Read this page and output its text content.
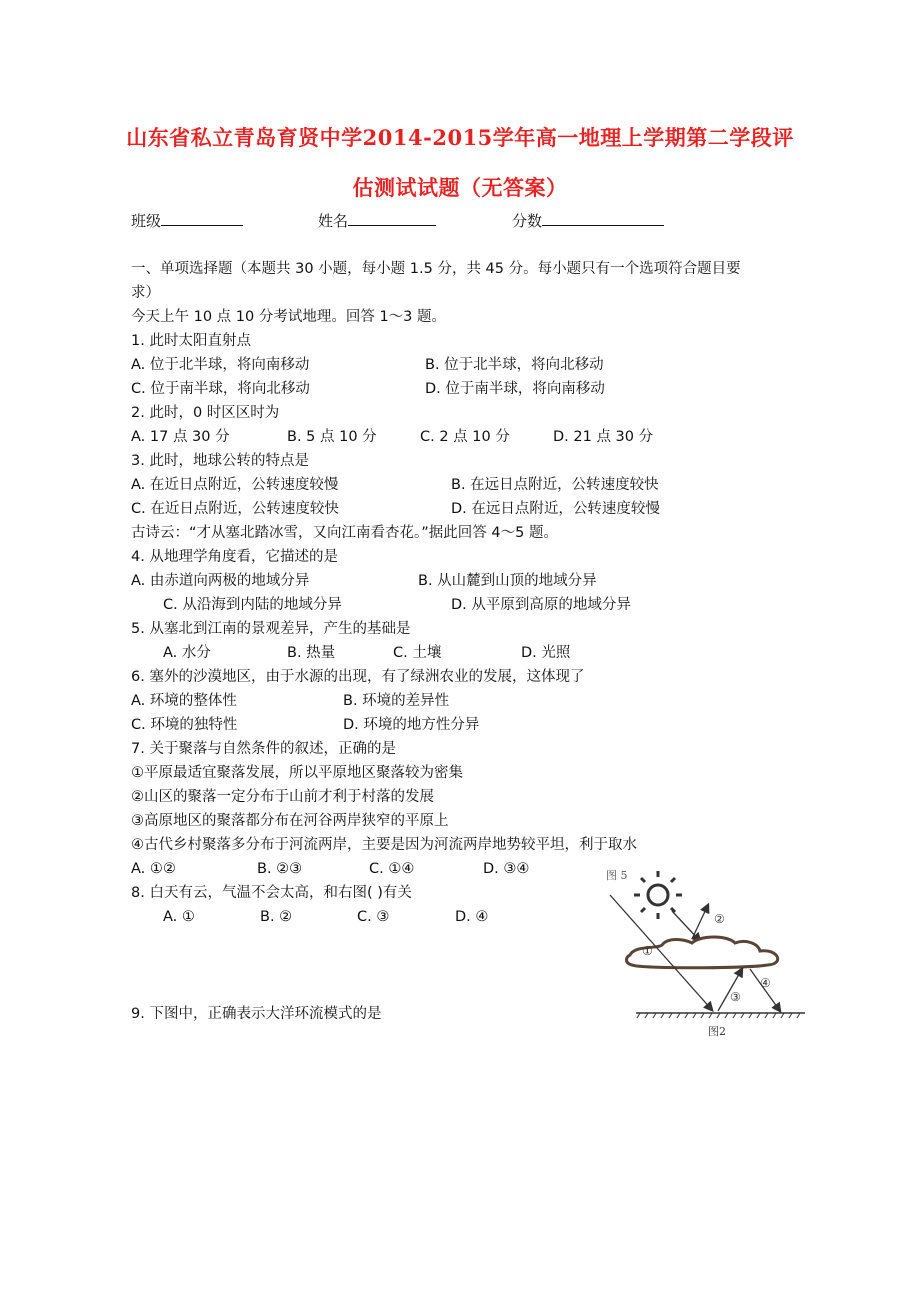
山东省私立青岛育贤中学2014-2015学年高一地理上学期第二学段评
估测试试题（无答案）
班级	姓名	分数
一、单项选择题（本题共 30 小题，每小题 1.5 分，共 45 分。每小题只有一个选项符合题目要
求）
今天上午 10 点 10 分考试地理。回答 1～3 题。
1. 此时太阳直射点
A. 位于北半球，将向南移动	B. 位于北半球，将向北移动
C. 位于南半球，将向北移动	D. 位于南半球，将向南移动
2. 此时，0 时区区时为
A. 17 点 30 分	B. 5 点 10 分	C. 2 点 10 分	D. 21 点 30 分
3. 此时，地球公转的特点是
A. 在近日点附近，公转速度较慢	B. 在远日点附近，公转速度较快
C. 在近日点附近，公转速度较快	D. 在远日点附近，公转速度较慢
古诗云：“才从塞北踏冰雪，又向江南看杏花。”据此回答 4～5 题。
4. 从地理学角度看，它描述的是
A. 由赤道向两极的地域分异	B. 从山麓到山顶的地域分异
C. 从沿海到内陆的地域分异	D. 从平原到高原的地域分异
5. 从塞北到江南的景观差异，产生的基础是
A. 水分	B. 热量	C. 土壤	D. 光照
6. 塞外的沙漠地区，由于水源的出现，有了绿洲农业的发展，这体现了
A. 环境的整体性	B. 环境的差异性
C. 环境的独特性	D. 环境的地方性分异
7. 关于聚落与自然条件的叙述，正确的是
①平原最适宜聚落发展，所以平原地区聚落较为密集
②山区的聚落一定分布于山前才利于村落的发展
③高原地区的聚落都分布在河谷两岸狭窄的平原上
④古代乡村聚落多分布于河流两岸，主要是因为河流两岸地势较平坦，利于取水
A. ①②	B. ②③	C. ①④	D. ③④
8. 白天有云，气温不会太高，和右图( )有关
A. ①	B. ②	C. ③	D. ④
9. 下图中，正确表示大洋环流模式的是
图 5
①
②
③
④
图2
